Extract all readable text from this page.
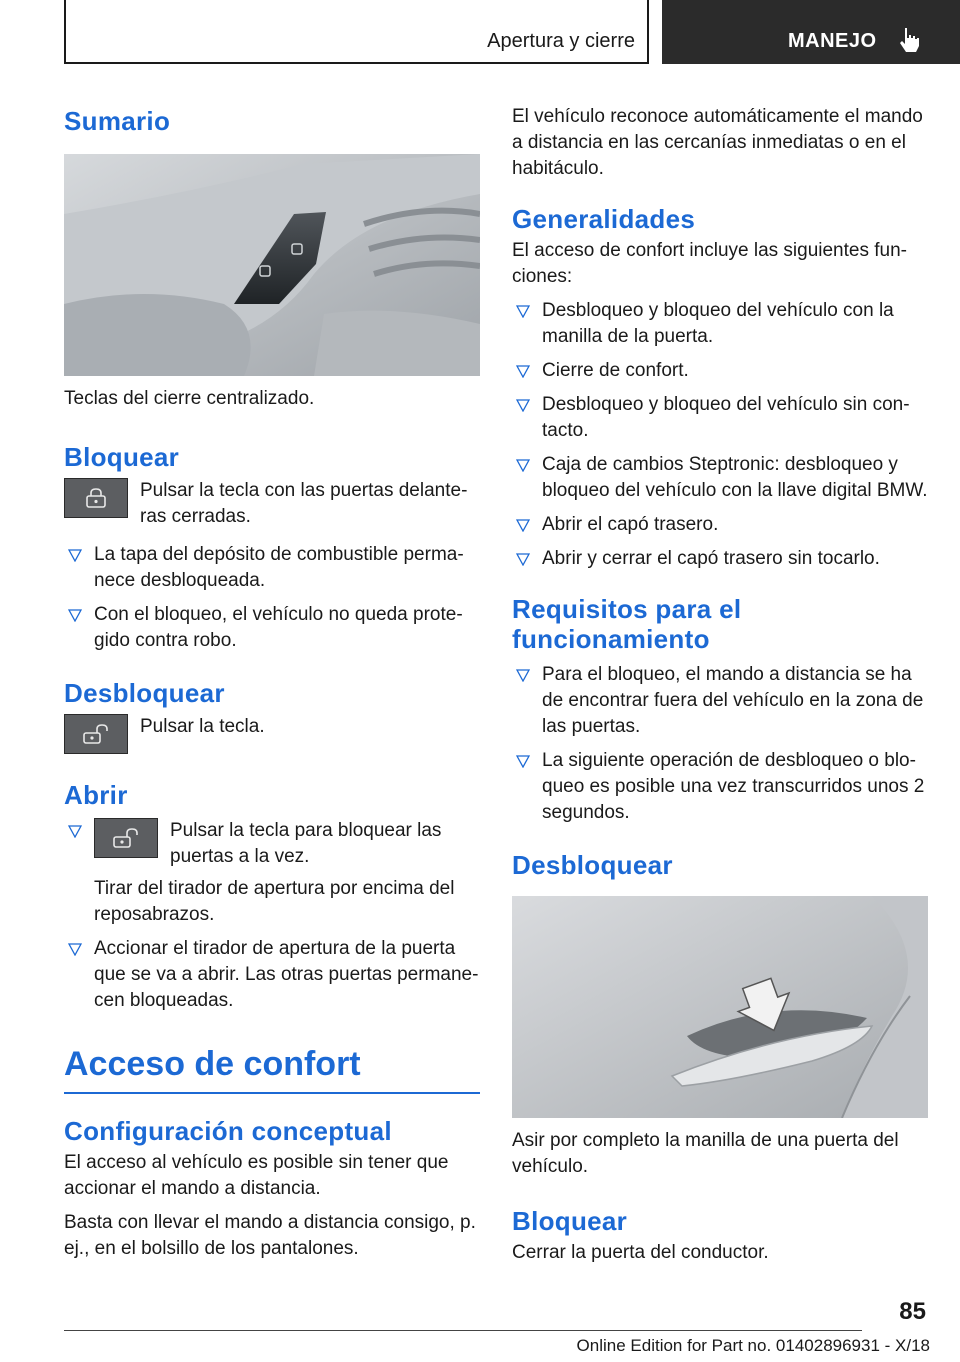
Apertura y cierre	MANEJO
Sumario

Teclas del cierre centralizado.

Bloquear

Pulsar la tecla con las puertas delanteras cerradas.

La tapa del depósito de combustible permanece desbloqueada.
Con el bloqueo, el vehículo no queda protegido contra robo.
Desbloquear

Pulsar la tecla.

Abrir
Pulsar la tecla para bloquear las puertas a la vez.

Tirar del tirador de apertura por encima del reposabrazos.

Accionar el tirador de apertura de la puerta que se va a abrir. Las otras puertas permanecen bloqueadas.
Acceso de confort
Configuración conceptual

El acceso al vehículo es posible sin tener que accionar el mando a distancia.

Basta con llevar el mando a distancia consigo, p. ej., en el bolsillo de los pantalones.

El vehículo reconoce automáticamente el mando a distancia en las cercanías inmediatas o en el habitáculo.

Generalidades

El acceso de confort incluye las siguientes funciones:

Desbloqueo y bloqueo del vehículo con la manilla de la puerta.
Cierre de confort.
Desbloqueo y bloqueo del vehículo sin contacto.
Caja de cambios Steptronic: desbloqueo y bloqueo del vehículo con la llave digital BMW.
Abrir el capó trasero.
Abrir y cerrar el capó trasero sin tocarlo.
Requisitos para el funcionamiento
Para el bloqueo, el mando a distancia se ha de encontrar fuera del vehículo en la zona de las puertas.
La siguiente operación de desbloqueo o bloqueo es posible una vez transcurridos unos 2 segundos.
Desbloquear

Asir por completo la manilla de una puerta del vehículo.

Bloquear

Cerrar la puerta del conductor.

85
Online Edition for Part no. 01402896931 - X/18
